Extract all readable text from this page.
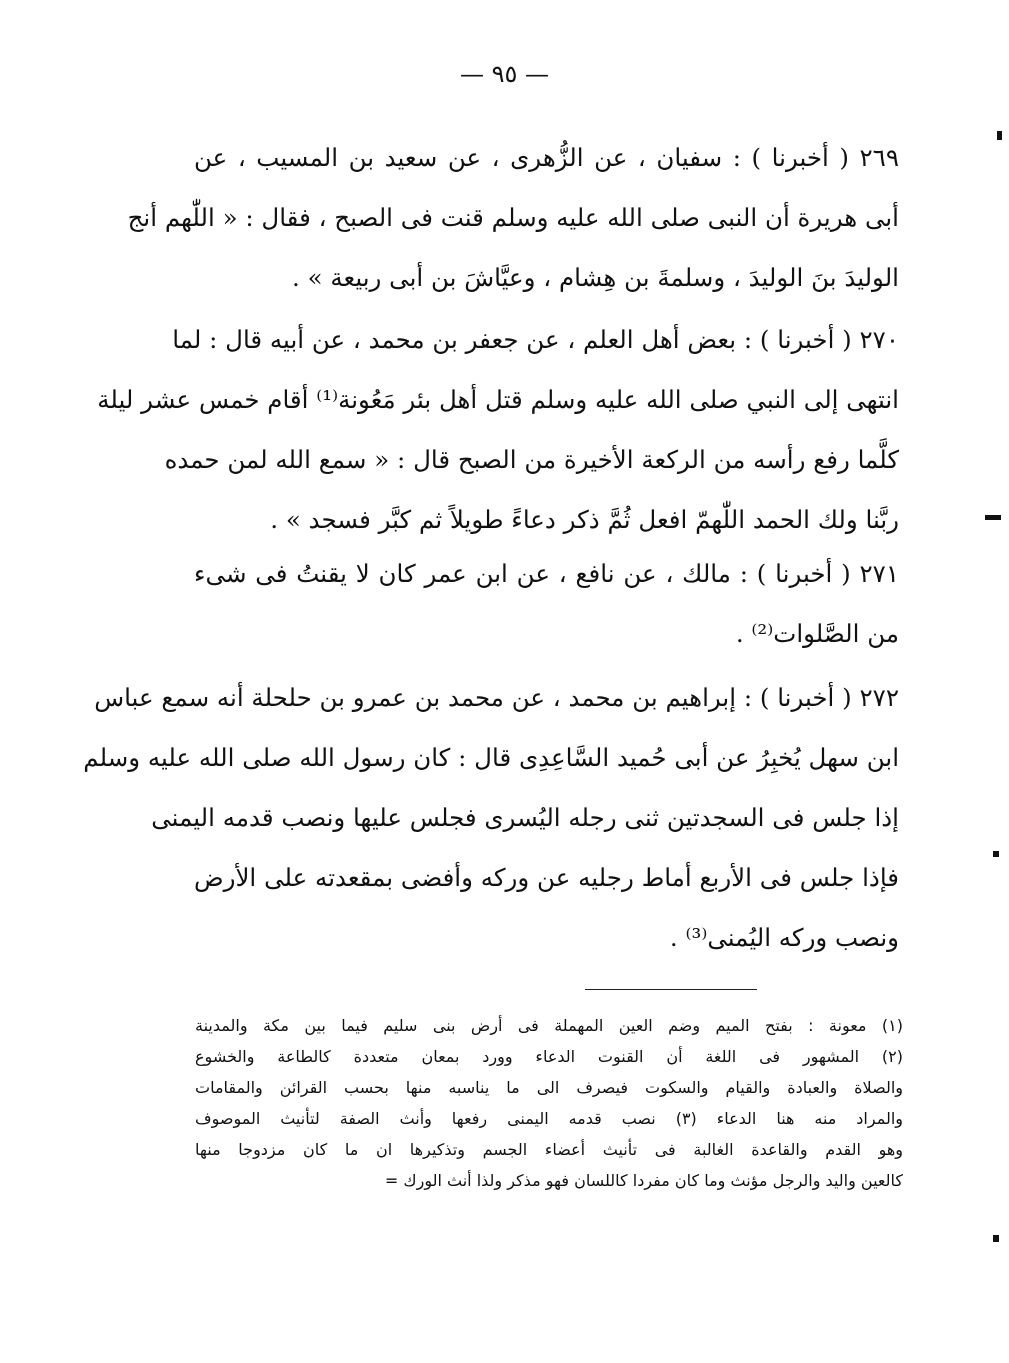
— ٩٥ —
٢٦٩ ( أخبرنا ) : سفيان ، عن الزُّهرى ، عن سعيد بن المسيب ، عن
أبى هريرة أن النبى صلى الله عليه وسلم قنت فى الصبح ، فقال : « اللّٰهم أنج
الوليدَ بنَ الوليدَ ، وسلمةَ بن هِشام ، وعيَّاشَ بن أبى ربيعة » .
٢٧٠ ( أخبرنا ) : بعض أهل العلم ، عن جعفر بن محمد ، عن أبيه قال : لما
انتهى إلى النبي صلى الله عليه وسلم قتل أهل بئر مَعُونة⁽¹⁾ أقام خمس عشر ليلة
كلَّما رفع رأسه من الركعة الأخيرة من الصبح قال : « سمع الله لمن حمده
ربَّنا ولك الحمد اللّٰهمّ افعل ثُمَّ ذكر دعاءً طويلاً ثم كبَّر فسجد » .
٢٧١ ( أخبرنا ) : مالك ، عن نافع ، عن ابن عمر كان لا يقنتُ فى شىء
من الصَّلوات⁽²⁾ .
٢٧٢ ( أخبرنا ) : إبراهيم بن محمد ، عن محمد بن عمرو بن حلحلة أنه سمع عباس
ابن سهل يُخبِرُ عن أبى حُميد السَّاعِدِى قال : كان رسول الله صلى الله عليه وسلم
إذا جلس فى السجدتين ثنى رجله اليُسرى فجلس عليها ونصب قدمه اليمنى
فإذا جلس فى الأربع أماط رجليه عن وركه وأفضى بمقعدته على الأرض
ونصب وركه اليُمنى⁽³⁾ .
(١) معونة : بفتح الميم وضم العين المهملة فى أرض بنى سليم فيما بين مكة والمدينة
(٢) المشهور فى اللغة أن القنوت الدعاء وورد بمعان متعددة كالطاعة والخشوع
والصلاة والعبادة والقيام والسكوت فيصرف الى ما يناسبه منها بحسب القرائن والمقامات
والمراد منه هنا الدعاء (٣) نصب قدمه اليمنى رفعها وأنث الصفة لتأنيث الموصوف
وهو القدم والقاعدة الغالبة فى تأنيث أعضاء الجسم وتذكيرها ان ما كان مزدوجا منها
كالعين واليد والرجل مؤنث وما كان مفردا كاللسان فهو مذكر ولذا أنث الورك =
